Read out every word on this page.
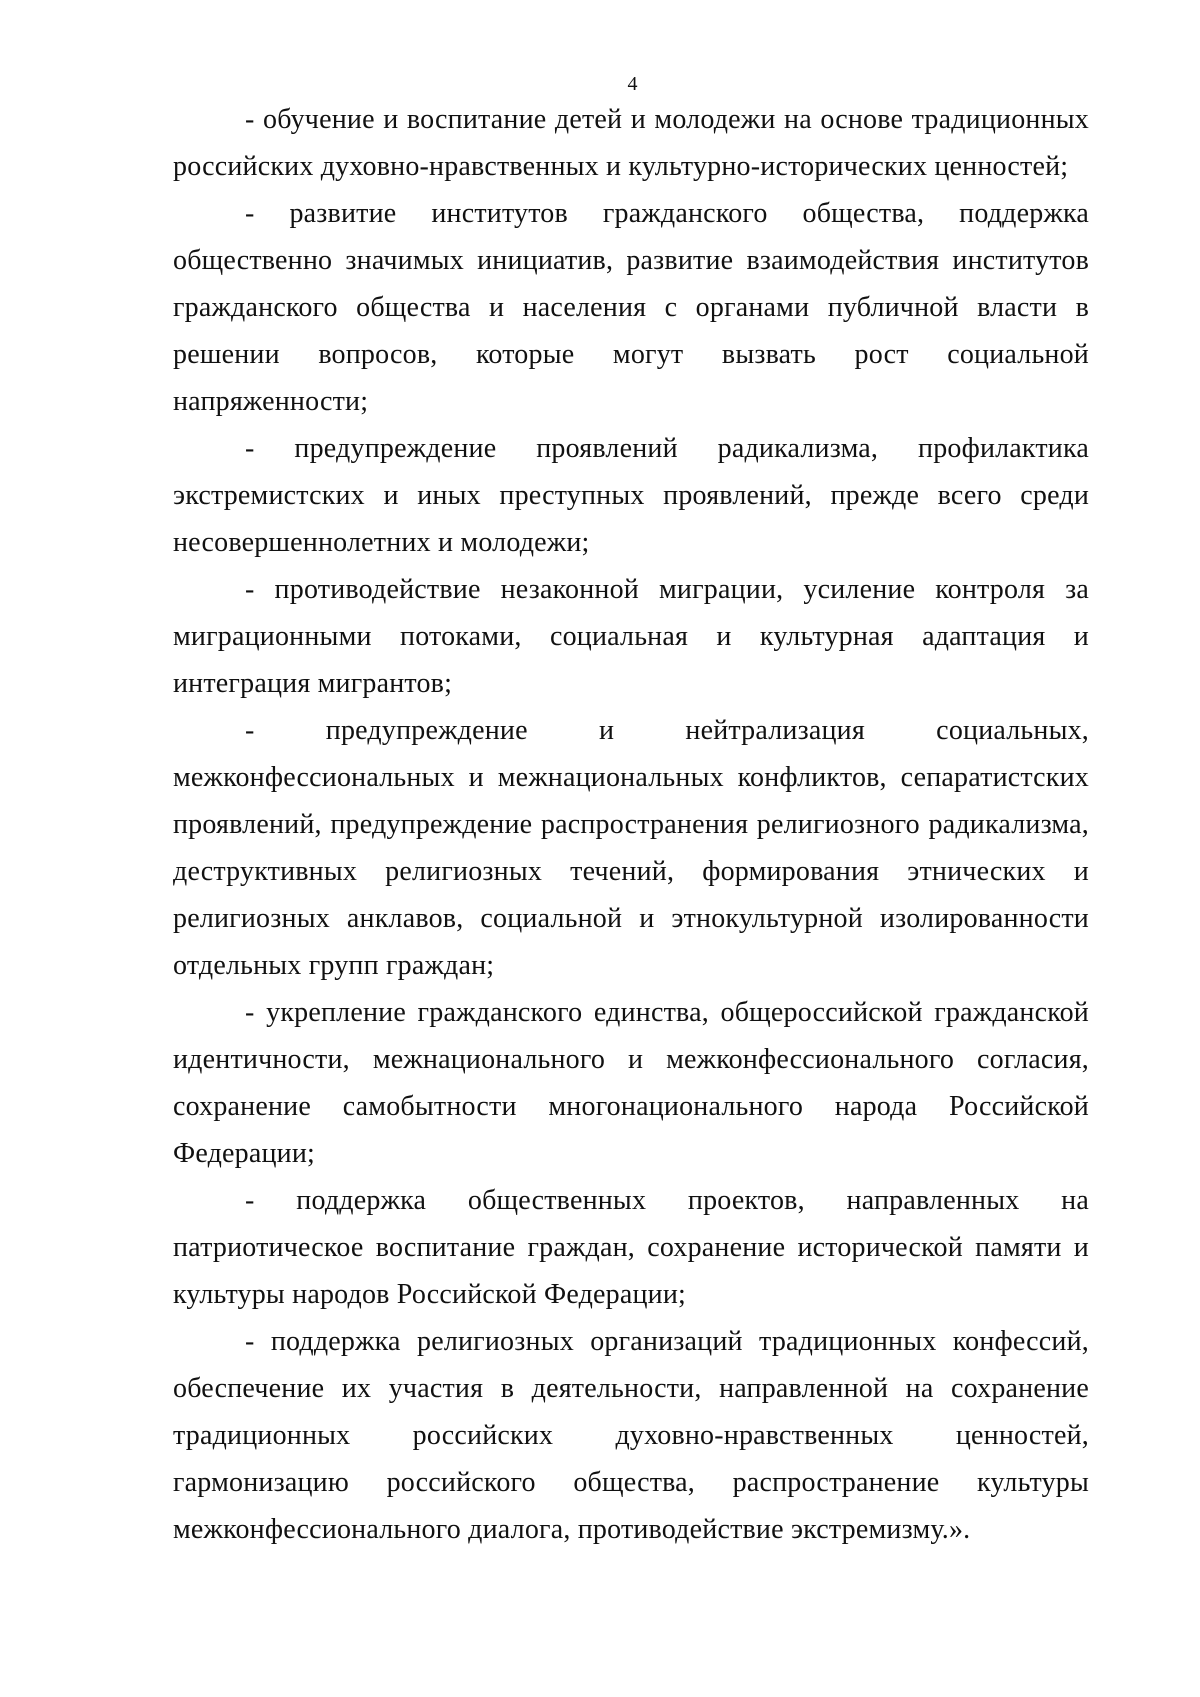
4

- обучение и воспитание детей и молодежи на основе традиционных российских духовно-нравственных и культурно-исторических ценностей;

- развитие институтов гражданского общества, поддержка общественно значимых инициатив, развитие взаимодействия институтов гражданского общества и населения с органами публичной власти в решении вопросов, которые могут вызвать рост социальной напряженности;

- предупреждение проявлений радикализма, профилактика экстремистских и иных преступных проявлений, прежде всего среди несовершеннолетних и молодежи;

- противодействие незаконной миграции, усиление контроля за миграционными потоками, социальная и культурная адаптация и интеграция мигрантов;

- предупреждение и нейтрализация социальных, межконфессиональных и межнациональных конфликтов, сепаратистских проявлений, предупреждение распространения религиозного радикализма, деструктивных религиозных течений, формирования этнических и религиозных анклавов, социальной и этнокультурной изолированности отдельных групп граждан;

- укрепление гражданского единства, общероссийской гражданской идентичности, межнационального и межконфессионального согласия, сохранение самобытности многонационального народа Российской Федерации;

- поддержка общественных проектов, направленных на патриотическое воспитание граждан, сохранение исторической памяти и культуры народов Российской Федерации;

- поддержка религиозных организаций традиционных конфессий, обеспечение их участия в деятельности, направленной на сохранение традиционных российских духовно-нравственных ценностей, гармонизацию российского общества, распространение культуры межконфессионального диалога, противодействие экстремизму.».
